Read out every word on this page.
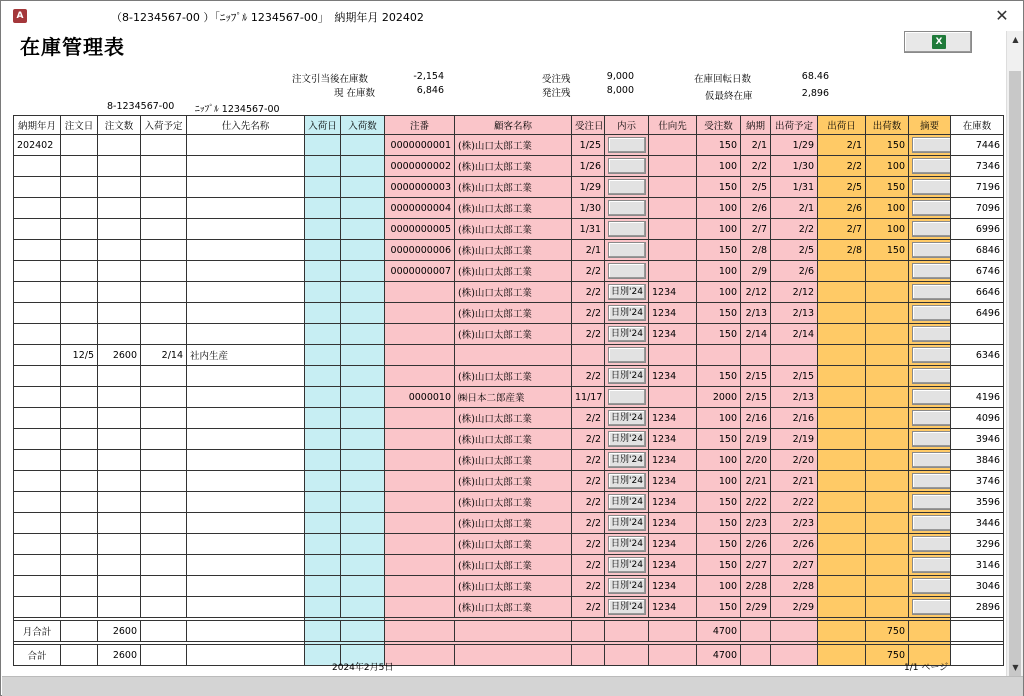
A	（8-1234567-00 ）「ﾆｯﾌﾟﾙ 1234567-00」　納期年月 202402	✕
在庫管理表	X
注文引当後在庫数	-2,154
現 在庫数	6,846
受注残	9,000
発注残	8,000
在庫回転日数	68.46
仮最終在庫	2,896
8-1234567-00 ﾆｯﾌﾟﾙ 1234567-00
納期年月	注文日	注文数	入荷予定	仕入先名称	入荷日	入荷数	注番	顧客名称	受注日	内示	仕向先	受注数	納期	出荷予定	出荷日	出荷数	摘要	在庫数
202402							0000000001	(株)山口太郎工業	1/25			150	2/1	1/29	2/1	150		7446
							0000000002	(株)山口太郎工業	1/26			100	2/2	1/30	2/2	100		7346
							0000000003	(株)山口太郎工業	1/29			150	2/5	1/31	2/5	150		7196
							0000000004	(株)山口太郎工業	1/30			100	2/6	2/1	2/6	100		7096
							0000000005	(株)山口太郎工業	1/31			100	2/7	2/2	2/7	100		6996
							0000000006	(株)山口太郎工業	2/1			150	2/8	2/5	2/8	150		6846
							0000000007	(株)山口太郎工業	2/2			100	2/9	2/6				6746
								(株)山口太郎工業	2/2	日別'24	1234	100	2/12	2/12				6646
								(株)山口太郎工業	2/2	日別'24	1234	150	2/13	2/13				6496
								(株)山口太郎工業	2/2	日別'24	1234	150	2/14	2/14				
	12/5	2600	2/14	社内生産														6346
								(株)山口太郎工業	2/2	日別'24	1234	150	2/15	2/15				
							0000010	㈱日本二郎産業	11/17			2000	2/15	2/13				4196
								(株)山口太郎工業	2/2	日別'24	1234	100	2/16	2/16				4096
								(株)山口太郎工業	2/2	日別'24	1234	150	2/19	2/19				3946
								(株)山口太郎工業	2/2	日別'24	1234	100	2/20	2/20				3846
								(株)山口太郎工業	2/2	日別'24	1234	100	2/21	2/21				3746
								(株)山口太郎工業	2/2	日別'24	1234	150	2/22	2/22				3596
								(株)山口太郎工業	2/2	日別'24	1234	150	2/23	2/23				3446
								(株)山口太郎工業	2/2	日別'24	1234	150	2/26	2/26				3296
								(株)山口太郎工業	2/2	日別'24	1234	150	2/27	2/27				3146
								(株)山口太郎工業	2/2	日別'24	1234	100	2/28	2/28				3046
								(株)山口太郎工業	2/2	日別'24	1234	150	2/29	2/29				2896

月合計		2600										4700				750		

合計		2600										4700				750		
2024年2月5日	1/1 ページ
▲
▼
